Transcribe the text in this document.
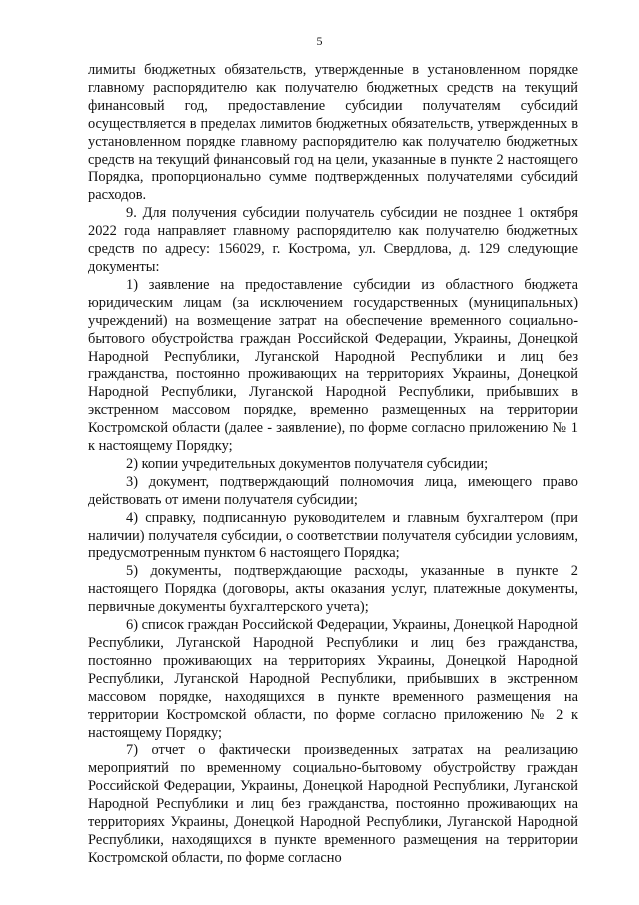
5

лимиты бюджетных обязательств, утвержденные в установленном порядке главному распорядителю как получателю бюджетных средств на текущий финансовый год, предоставление субсидии получателям субсидий осуществляется в пределах лимитов бюджетных обязательств, утвержденных в установленном порядке главному распорядителю как получателю бюджетных средств на текущий финансовый год на цели, указанные в пункте 2 настоящего Порядка, пропорционально сумме подтвержденных получателями субсидий расходов.

9. Для получения субсидии получатель субсидии не позднее 1 октября 2022 года направляет главному распорядителю как получателю бюджетных средств по адресу: 156029, г. Кострома, ул. Свердлова, д. 129 следующие документы:

1) заявление на предоставление субсидии из областного бюджета юридическим лицам (за исключением государственных (муниципальных) учреждений) на возмещение затрат на обеспечение временного социально-бытового обустройства граждан Российской Федерации, Украины, Донецкой Народной Республики, Луганской Народной Республики и лиц без гражданства, постоянно проживающих на территориях Украины, Донецкой Народной Республики, Луганской Народной Республики, прибывших в экстренном массовом порядке, временно размещенных на территории Костромской области (далее - заявление), по форме согласно приложению № 1 к настоящему Порядку;

2) копии учредительных документов получателя субсидии;

3) документ, подтверждающий полномочия лица, имеющего право действовать от имени получателя субсидии;

4) справку, подписанную руководителем и главным бухгалтером (при наличии) получателя субсидии, о соответствии получателя субсидии условиям, предусмотренным пунктом 6 настоящего Порядка;

5) документы, подтверждающие расходы, указанные в пункте 2 настоящего Порядка (договоры, акты оказания услуг, платежные документы, первичные документы бухгалтерского учета);

6) список граждан Российской Федерации, Украины, Донецкой Народной Республики, Луганской Народной Республики и лиц без гражданства, постоянно проживающих на территориях Украины, Донецкой Народной Республики, Луганской Народной Республики, прибывших в экстренном массовом порядке, находящихся в пункте временного размещения на территории Костромской области, по форме согласно приложению № 2 к настоящему Порядку;

7) отчет о фактически произведенных затратах на реализацию мероприятий по временному социально-бытовому обустройству граждан Российской Федерации, Украины, Донецкой Народной Республики, Луганской Народной Республики и лиц без гражданства, постоянно проживающих на территориях Украины, Донецкой Народной Республики, Луганской Народной Республики, находящихся в пункте временного размещения на территории Костромской области, по форме согласно
